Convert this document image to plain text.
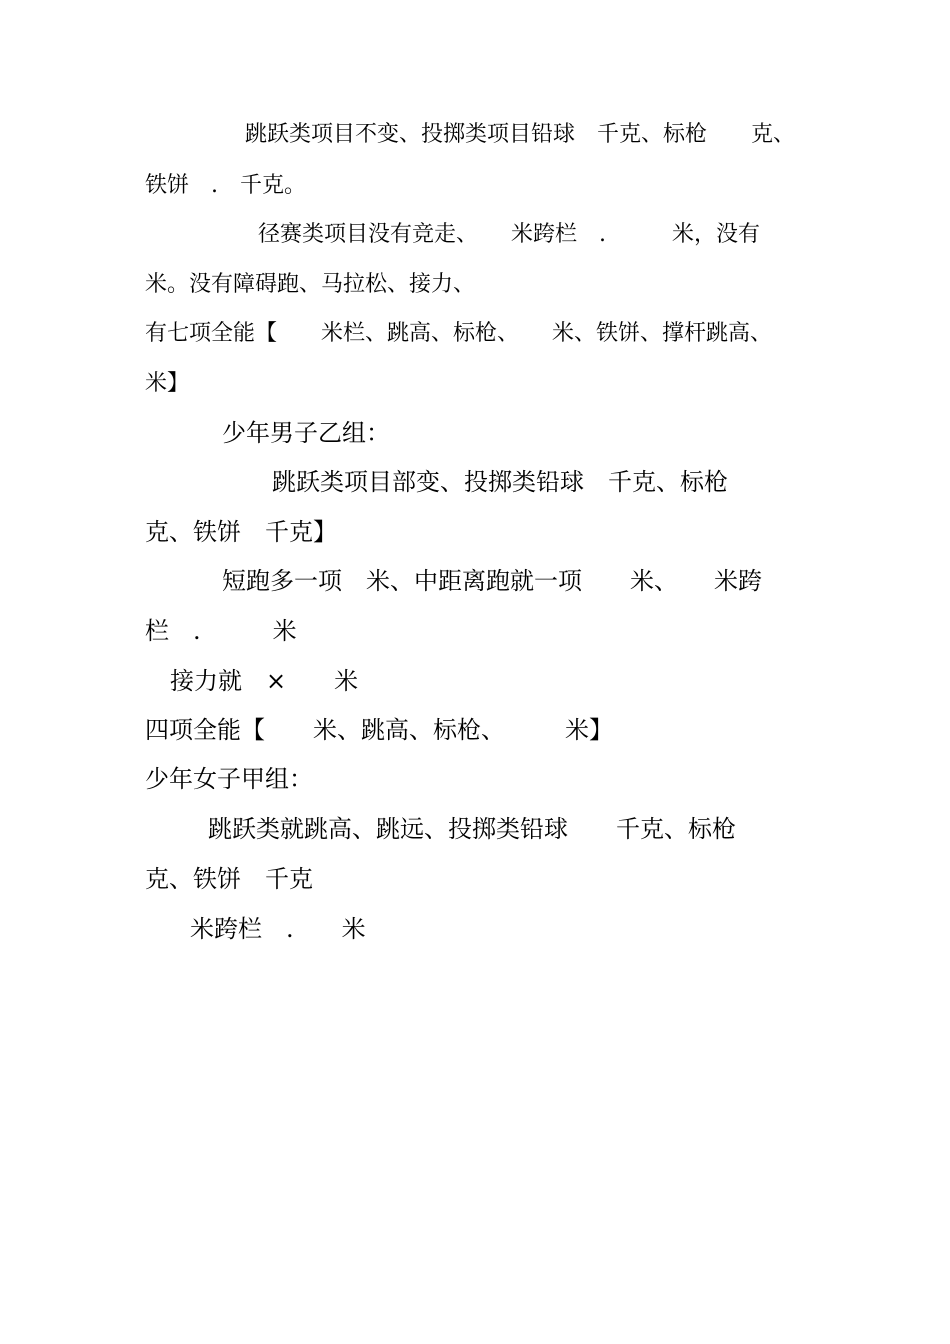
跳跃类项目不变、投掷类项目铅球　千克、标枪　　克、

铁饼　.　千克。

径赛类项目没有竞走、　　米跨栏　.　　　米，没有

米。没有障碍跑、马拉松、接力、

有七项全能【　　米栏、跳高、标枪、　　米、铁饼、撑杆跳高、

米】

少年男子乙组：

跳跃类项目部变、投掷类铅球　千克、标枪

克、铁饼　千克】

短跑多一项　米、中距离跑就一项　　米、　　米跨

栏　.　　　米

接力就　×　　米

四项全能【　　米、跳高、标枪、　　　米】

少年女子甲组：

跳跃类就跳高、跳远、投掷类铅球　　千克、标枪

克、铁饼　千克

米跨栏　.　　米
